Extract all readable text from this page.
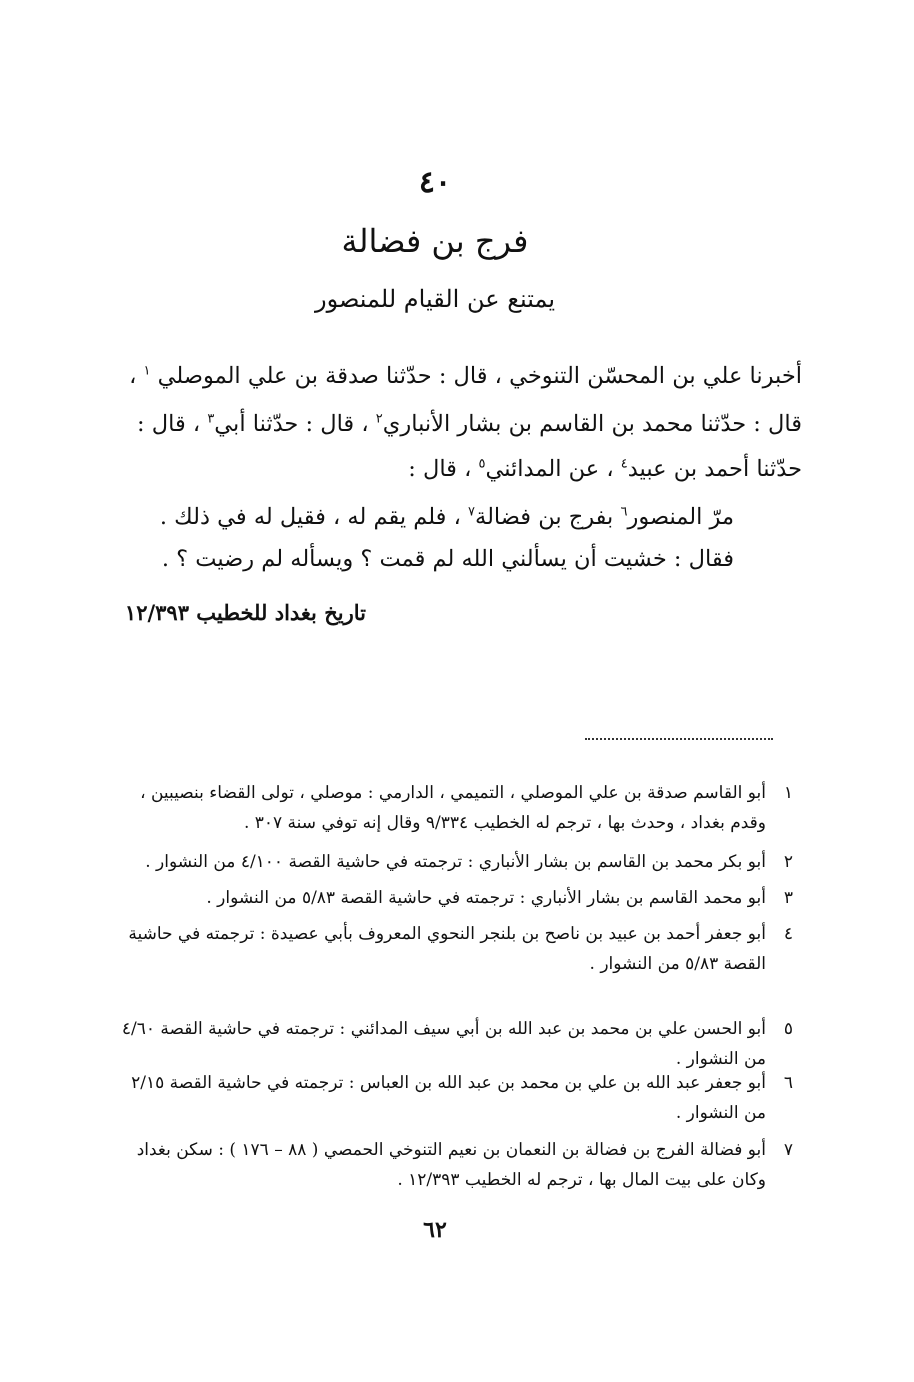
٤٠
فرج بن فضالة
يمتنع عن القيام للمنصور
أخبرنا علي بن المحسّن التنوخي ، قال : حدّثنا صدقة بن علي الموصلي $^١$ ،
قال : حدّثنا محمد بن القاسم بن بشار الأنباري$^٢$ ، قال : حدّثنا أبي$^٣$ ، قال :
حدّثنا أحمد بن عبيد$^٤$ ، عن المدائني$^٥$ ، قال :
مرّ المنصور$^٦$ بفرج بن فضالة$^٧$ ، فلم يقم له ، فقيل له في ذلك .
فقال : خشيت أن يسألني الله لم قمت ؟ ويسأله لم رضيت ؟ .
تاريخ بغداد للخطيب ١٢/٣٩٣
١
أبو القاسم صدقة بن علي الموصلي ، التميمي ، الدارمي : موصلي ، تولى القضاء بنصيبين ،
وقدم بغداد ، وحدث بها ، ترجم له الخطيب ٩/٣٣٤ وقال إنه توفي سنة ٣٠٧ .
٢
أبو بكر محمد بن القاسم بن بشار الأنباري : ترجمته في حاشية القصة ٤/١٠٠ من النشوار .
٣
أبو محمد القاسم بن بشار الأنباري : ترجمته في حاشية القصة ٥/٨٣ من النشوار .
٤
أبو جعفر أحمد بن عبيد بن ناصح بن بلنجر النحوي المعروف بأبي عصيدة : ترجمته في حاشية
القصة ٥/٨٣ من النشوار .
٥
أبو الحسن علي بن محمد بن عبد الله بن أبي سيف المدائني : ترجمته في حاشية القصة ٤/٦٠
من النشوار .
٦
أبو جعفر عبد الله بن علي بن محمد بن عبد الله بن العباس : ترجمته في حاشية القصة ٢/١٥
من النشوار .
٧
أبو فضالة الفرج بن فضالة بن النعمان بن نعيم التنوخي الحمصي ( ٨٨ – ١٧٦ ) : سكن بغداد
وكان على بيت المال بها ، ترجم له الخطيب ١٢/٣٩٣ .
٦٢
